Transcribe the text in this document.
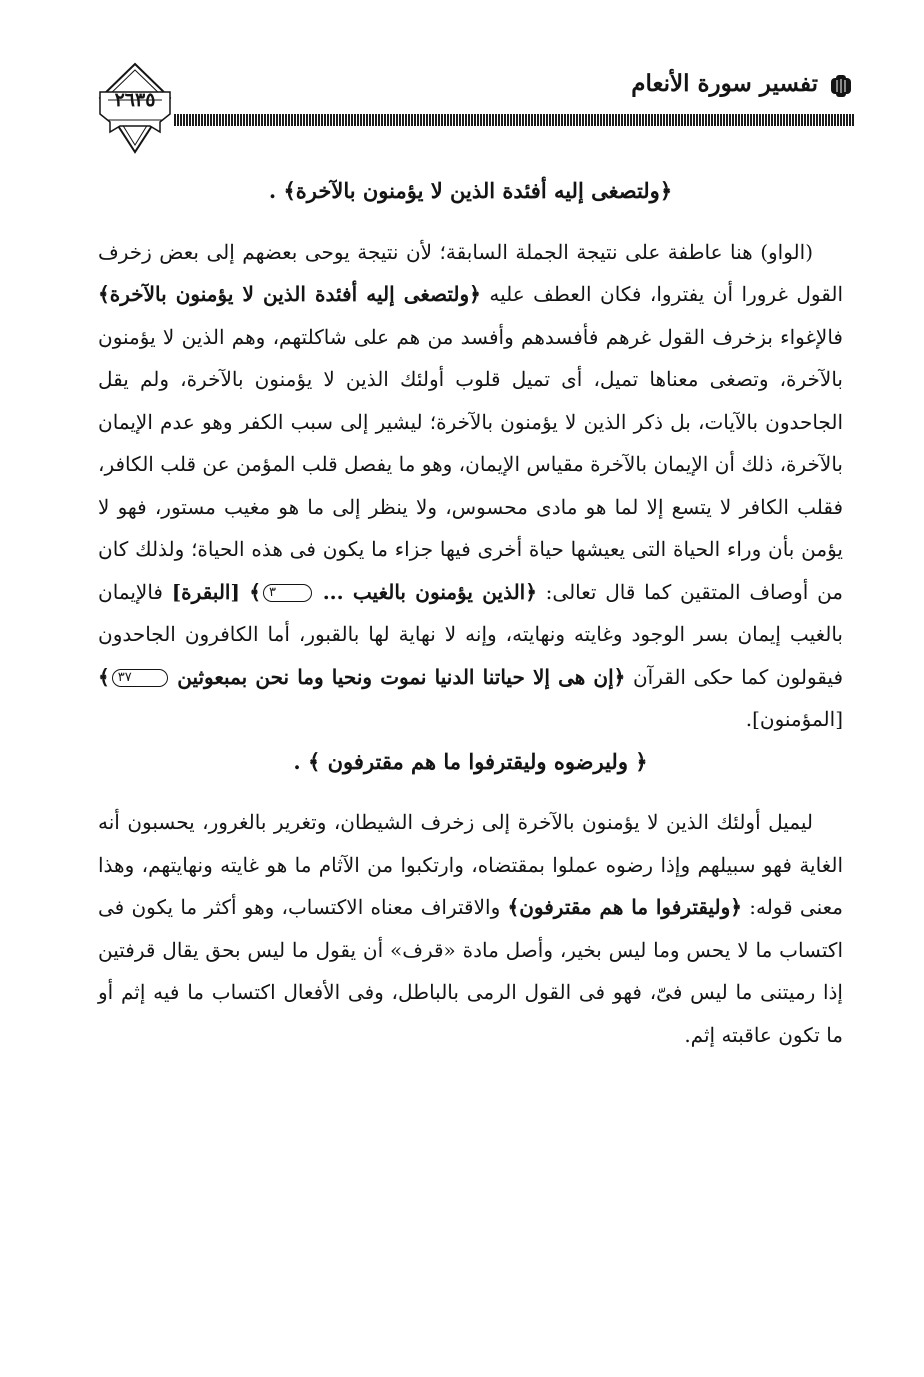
٢٦٣٥
تفسير سورة الأنعام

﴿ولتصغى إليه أفئدة الذين لا يؤمنون بالآخرة﴾ .

(الواو) هنا عاطفة على نتيجة الجملة السابقة؛ لأن نتيجة يوحى بعضهم إلى بعض زخرف القول غرورا أن يفتروا، فكان العطف عليه ﴿ولتصغى إليه أفئدة الذين لا يؤمنون بالآخرة﴾ فالإغواء بزخرف القول غرهم فأفسدهم وأفسد من هم على شاكلتهم، وهم الذين لا يؤمنون بالآخرة، وتصغى معناها تميل، أى تميل قلوب أولئك الذين لا يؤمنون بالآخرة، ولم يقل الجاحدون بالآيات، بل ذكر الذين لا يؤمنون بالآخرة؛ ليشير إلى سبب الكفر وهو عدم الإيمان بالآخرة، ذلك أن الإيمان بالآخرة مقياس الإيمان، وهو ما يفصل قلب المؤمن عن قلب الكافر، فقلب الكافر لا يتسع إلا لما هو مادى محسوس، ولا ينظر إلى ما هو مغيب مستور، فهو لا يؤمن بأن وراء الحياة التى يعيشها حياة أخرى فيها جزاء ما يكون فى هذه الحياة؛ ولذلك كان من أوصاف المتقين كما قال تعالى: ﴿الذين يؤمنون بالغيب ... ٣﴾ [البقرة] فالإيمان بالغيب إيمان بسر الوجود وغايته ونهايته، وإنه لا نهاية لها بالقبور، أما الكافرون الجاحدون فيقولون كما حكى القرآن ﴿إن هى إلا حياتنا الدنيا نموت ونحيا وما نحن بمبعوثين ٣٧﴾ [المؤمنون].

﴿ وليرضوه وليقترفوا ما هم مقترفون ﴾ .

ليميل أولئك الذين لا يؤمنون بالآخرة إلى زخرف الشيطان، وتغرير بالغرور، يحسبون أنه الغاية فهو سبيلهم وإذا رضوه عملوا بمقتضاه، وارتكبوا من الآثام ما هو غايته ونهايتهم، وهذا معنى قوله: ﴿وليقترفوا ما هم مقترفون﴾ والاقتراف معناه الاكتساب، وهو أكثر ما يكون فى اكتساب ما لا يحس وما ليس بخير، وأصل مادة «قرف» أن يقول ما ليس بحق يقال قرفتين إذا رميتنى ما ليس فىّ، فهو فى القول الرمى بالباطل، وفى الأفعال اكتساب ما فيه إثم أو ما تكون عاقبته إثم.
